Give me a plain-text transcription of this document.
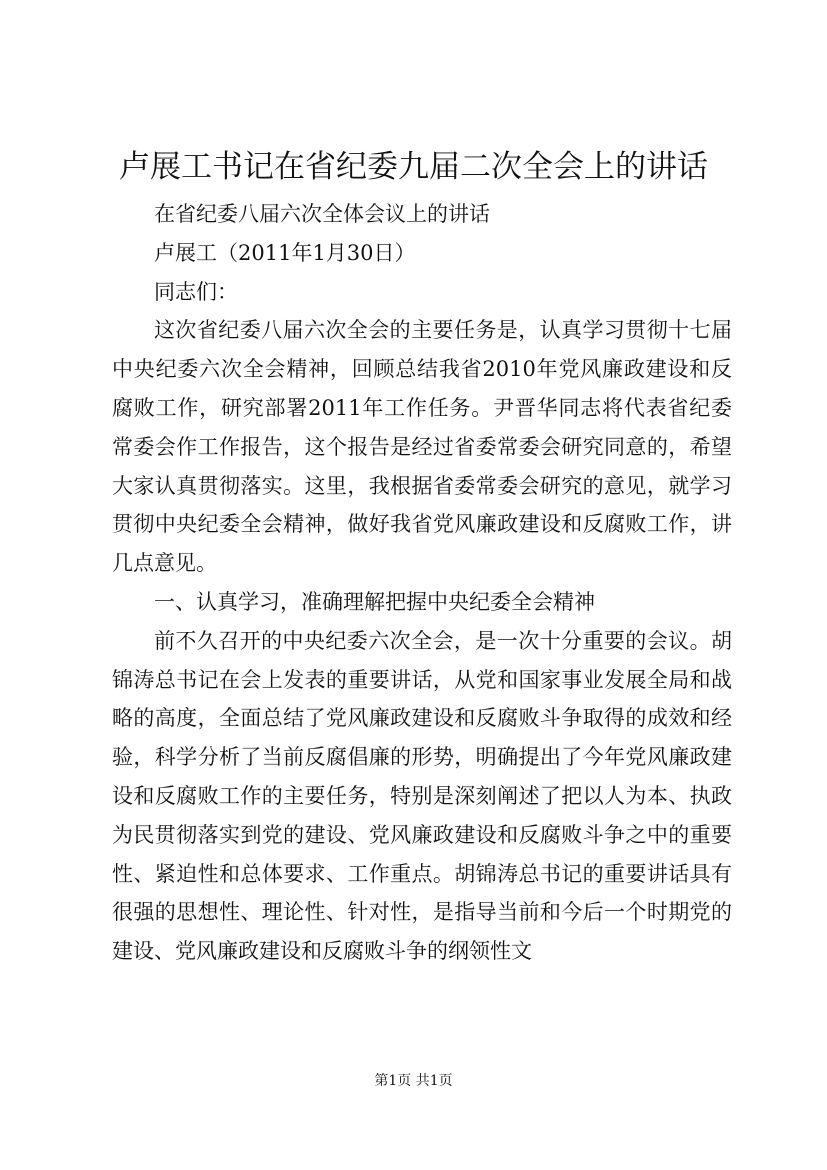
卢展工书记在省纪委九届二次全会上的讲话

在省纪委八届六次全体会议上的讲话

卢展工（2011年1月30日）

同志们：

这次省纪委八届六次全会的主要任务是，认真学习贯彻十七届中央纪委六次全会精神，回顾总结我省2010年党风廉政建设和反腐败工作，研究部署2011年工作任务。尹晋华同志将代表省纪委常委会作工作报告，这个报告是经过省委常委会研究同意的，希望大家认真贯彻落实。这里，我根据省委常委会研究的意见，就学习贯彻中央纪委全会精神，做好我省党风廉政建设和反腐败工作，讲几点意见。

一、认真学习，准确理解把握中央纪委全会精神

前不久召开的中央纪委六次全会，是一次十分重要的会议。胡锦涛总书记在会上发表的重要讲话，从党和国家事业发展全局和战略的高度，全面总结了党风廉政建设和反腐败斗争取得的成效和经验，科学分析了当前反腐倡廉的形势，明确提出了今年党风廉政建设和反腐败工作的主要任务，特别是深刻阐述了把以人为本、执政为民贯彻落实到党的建设、党风廉政建设和反腐败斗争之中的重要性、紧迫性和总体要求、工作重点。胡锦涛总书记的重要讲话具有很强的思想性、理论性、针对性，是指导当前和今后一个时期党的建设、党风廉政建设和反腐败斗争的纲领性文

第1页 共1页
